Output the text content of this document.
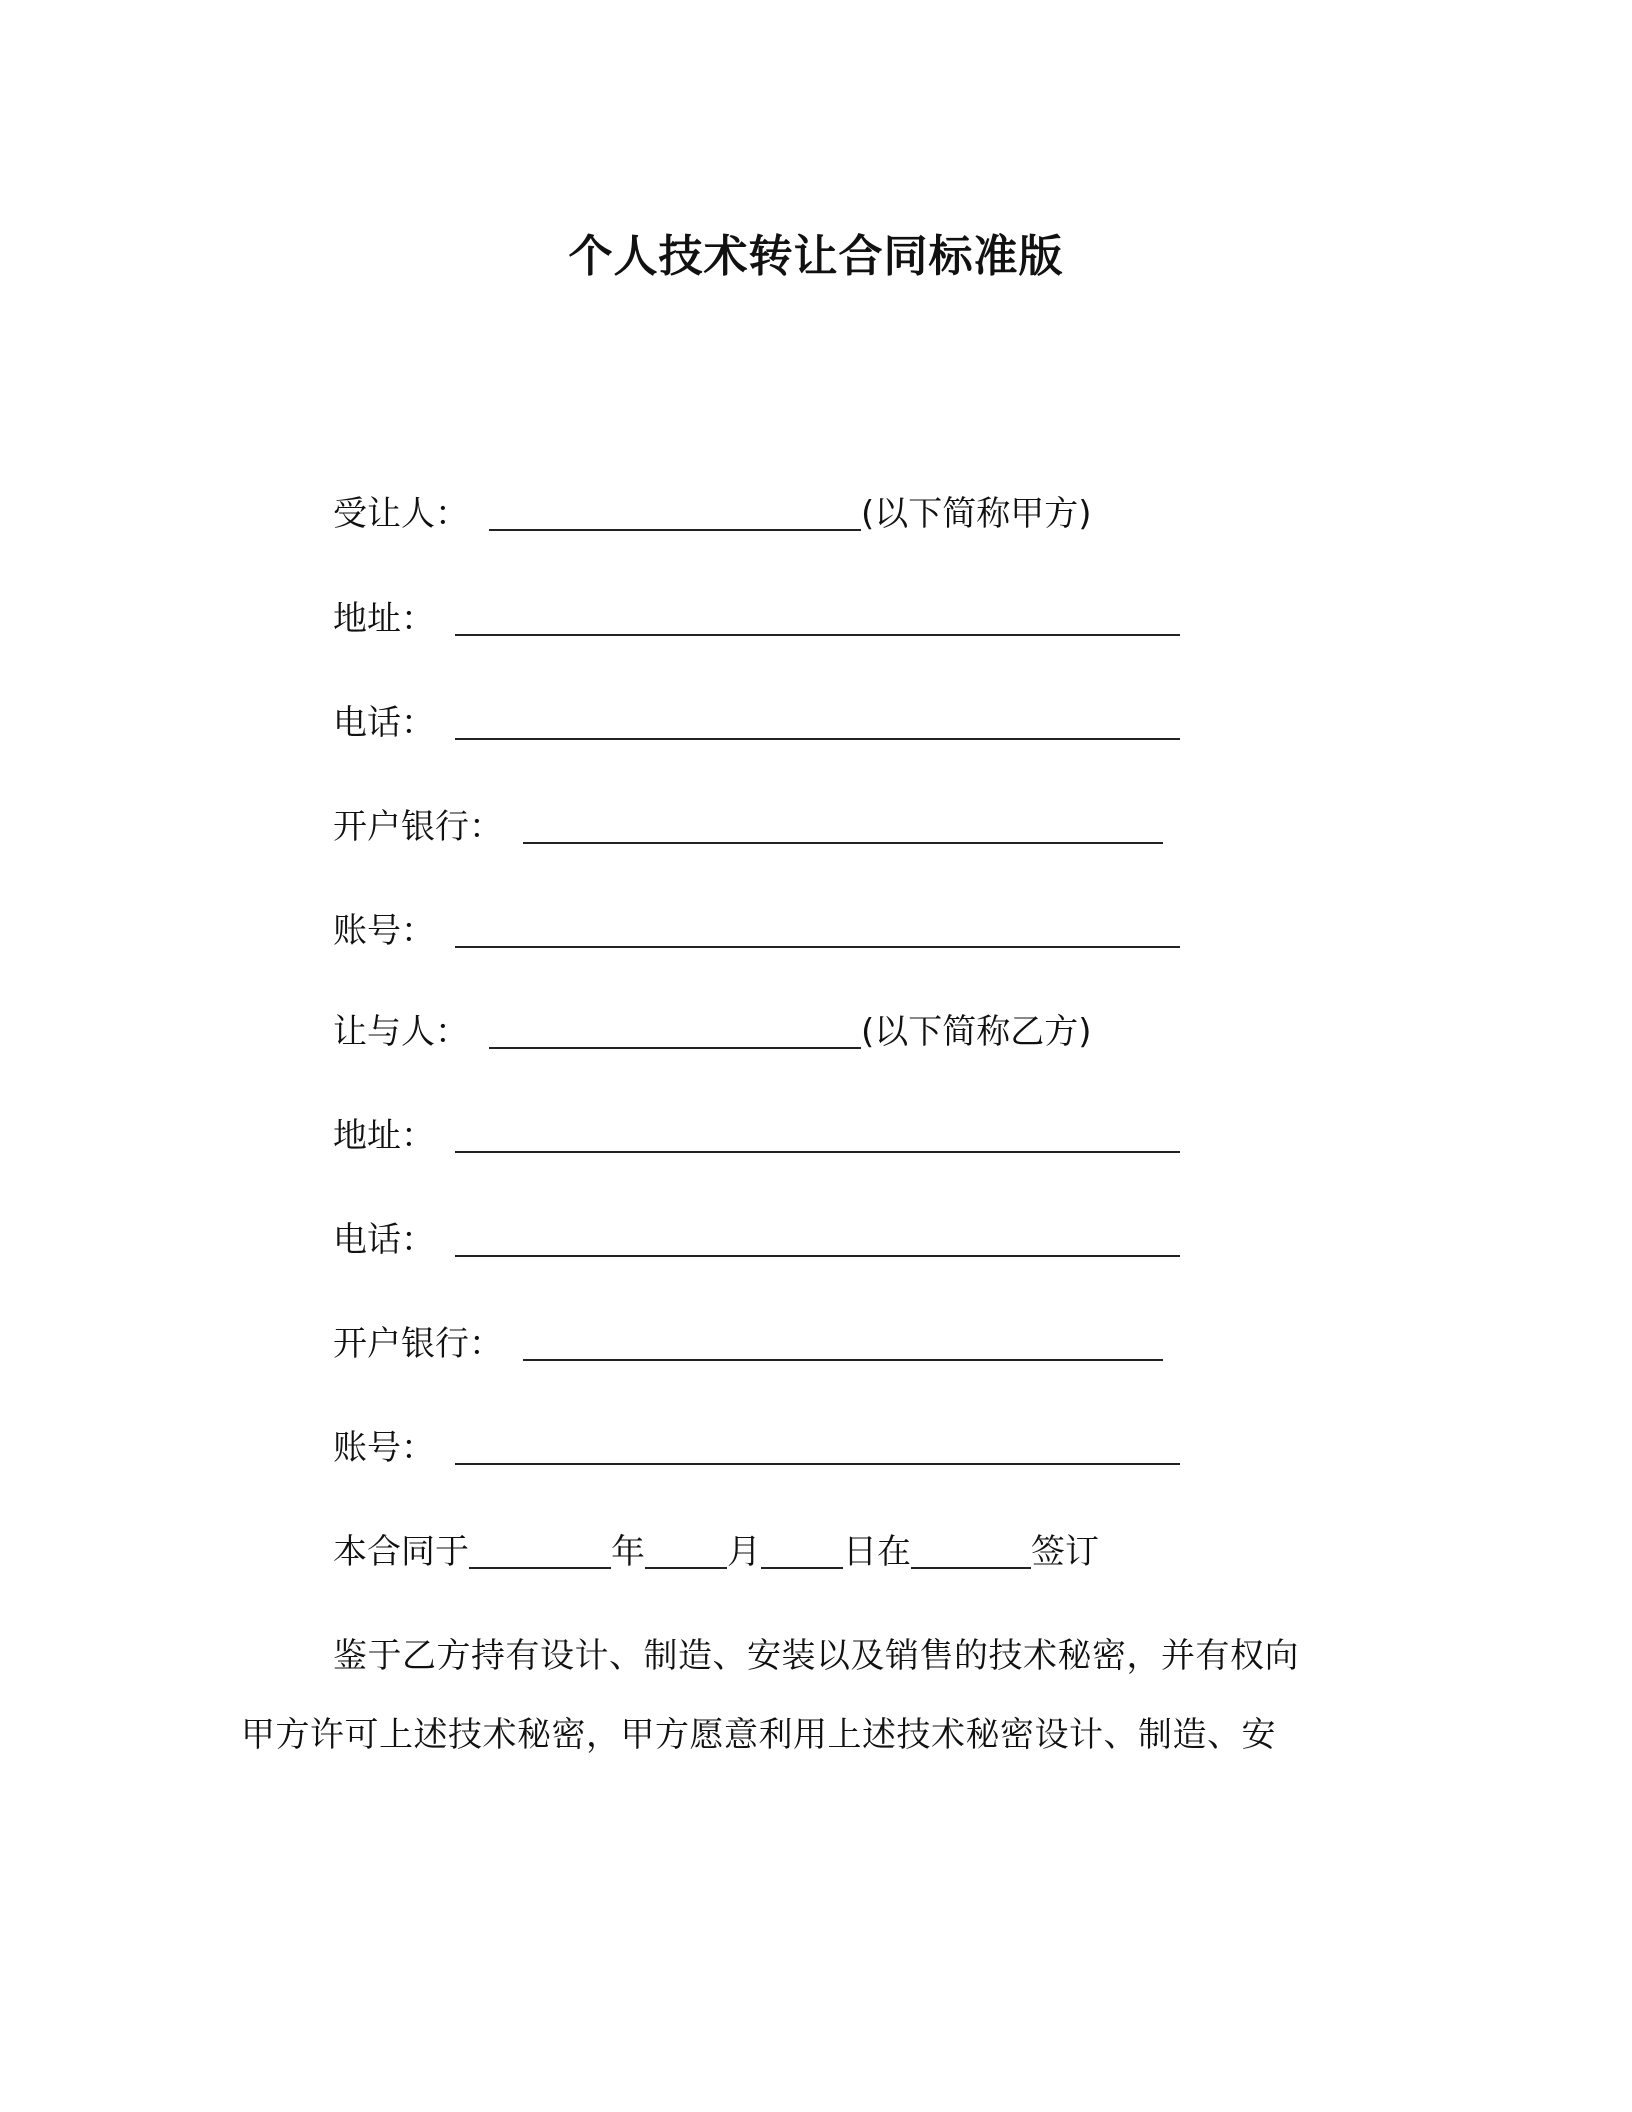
个人技术转让合同标准版
受让人：	(以下简称甲方)
地址：
电话：
开户银行：
账号：
让与人：	(以下简称乙方)
地址：
电话：
开户银行：
账号：
本合同于	年 月 日在	签订
鉴于乙方持有设计、制造、安装以及销售的技术秘密，并有权向
甲方许可上述技术秘密，甲方愿意利用上述技术秘密设计、制造、安
